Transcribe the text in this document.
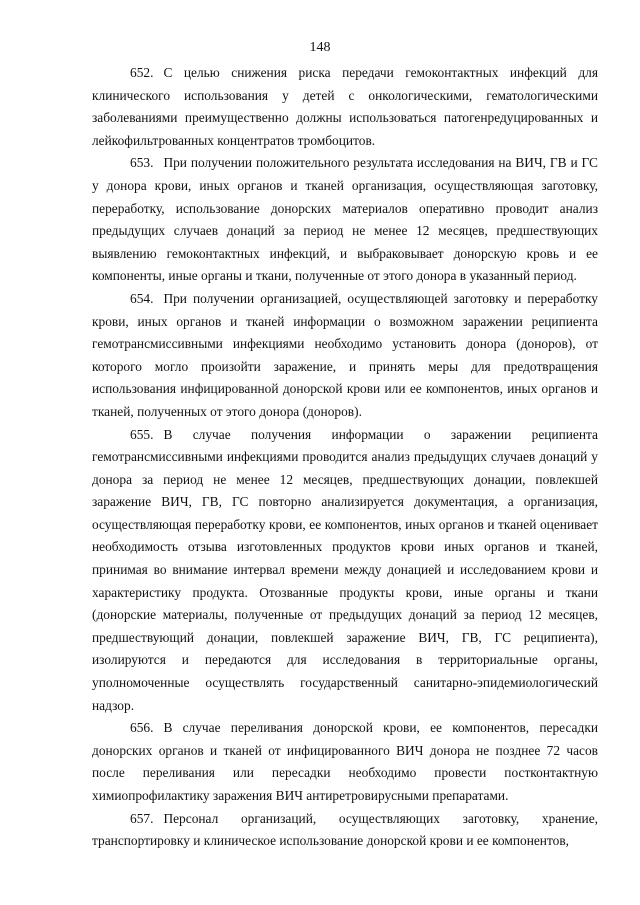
148

652. С целью снижения риска передачи гемоконтактных инфекций для клинического использования у детей с онкологическими, гематологическими заболеваниями преимущественно должны использоваться патогенредуцированных и лейкофильтрованных концентратов тромбоцитов.

653. При получении положительного результата исследования на ВИЧ, ГВ и ГС у донора крови, иных органов и тканей организация, осуществляющая заготовку, переработку, использование донорских материалов оперативно проводит анализ предыдущих случаев донаций за период не менее 12 месяцев, предшествующих выявлению гемоконтактных инфекций, и выбраковывает донорскую кровь и ее компоненты, иные органы и ткани, полученные от этого донора в указанный период.

654. При получении организацией, осуществляющей заготовку и переработку крови, иных органов и тканей информации о возможном заражении реципиента гемотрансмиссивными инфекциями необходимо установить донора (доноров), от которого могло произойти заражение, и принять меры для предотвращения использования инфицированной донорской крови или ее компонентов, иных органов и тканей, полученных от этого донора (доноров).

655. В случае получения информации о заражении реципиента гемотрансмиссивными инфекциями проводится анализ предыдущих случаев донаций у донора за период не менее 12 месяцев, предшествующих донации, повлекшей заражение ВИЧ, ГВ, ГС повторно анализируется документация, а организация, осуществляющая переработку крови, ее компонентов, иных органов и тканей оценивает необходимость отзыва изготовленных продуктов крови иных органов и тканей, принимая во внимание интервал времени между донацией и исследованием крови и характеристику продукта. Отозванные продукты крови, иные органы и ткани (донорские материалы, полученные от предыдущих донаций за период 12 месяцев, предшествующий донации, повлекшей заражение ВИЧ, ГВ, ГС реципиента), изолируются и передаются для исследования в территориальные органы, уполномоченные осуществлять государственный санитарно-эпидемиологический надзор.

656. В случае переливания донорской крови, ее компонентов, пересадки донорских органов и тканей от инфицированного ВИЧ донора не позднее 72 часов после переливания или пересадки необходимо провести постконтактную химиопрофилактику заражения ВИЧ антиретровирусными препаратами.

657. Персонал организаций, осуществляющих заготовку, хранение, транспортировку и клиническое использование донорской крови и ее компонентов,
